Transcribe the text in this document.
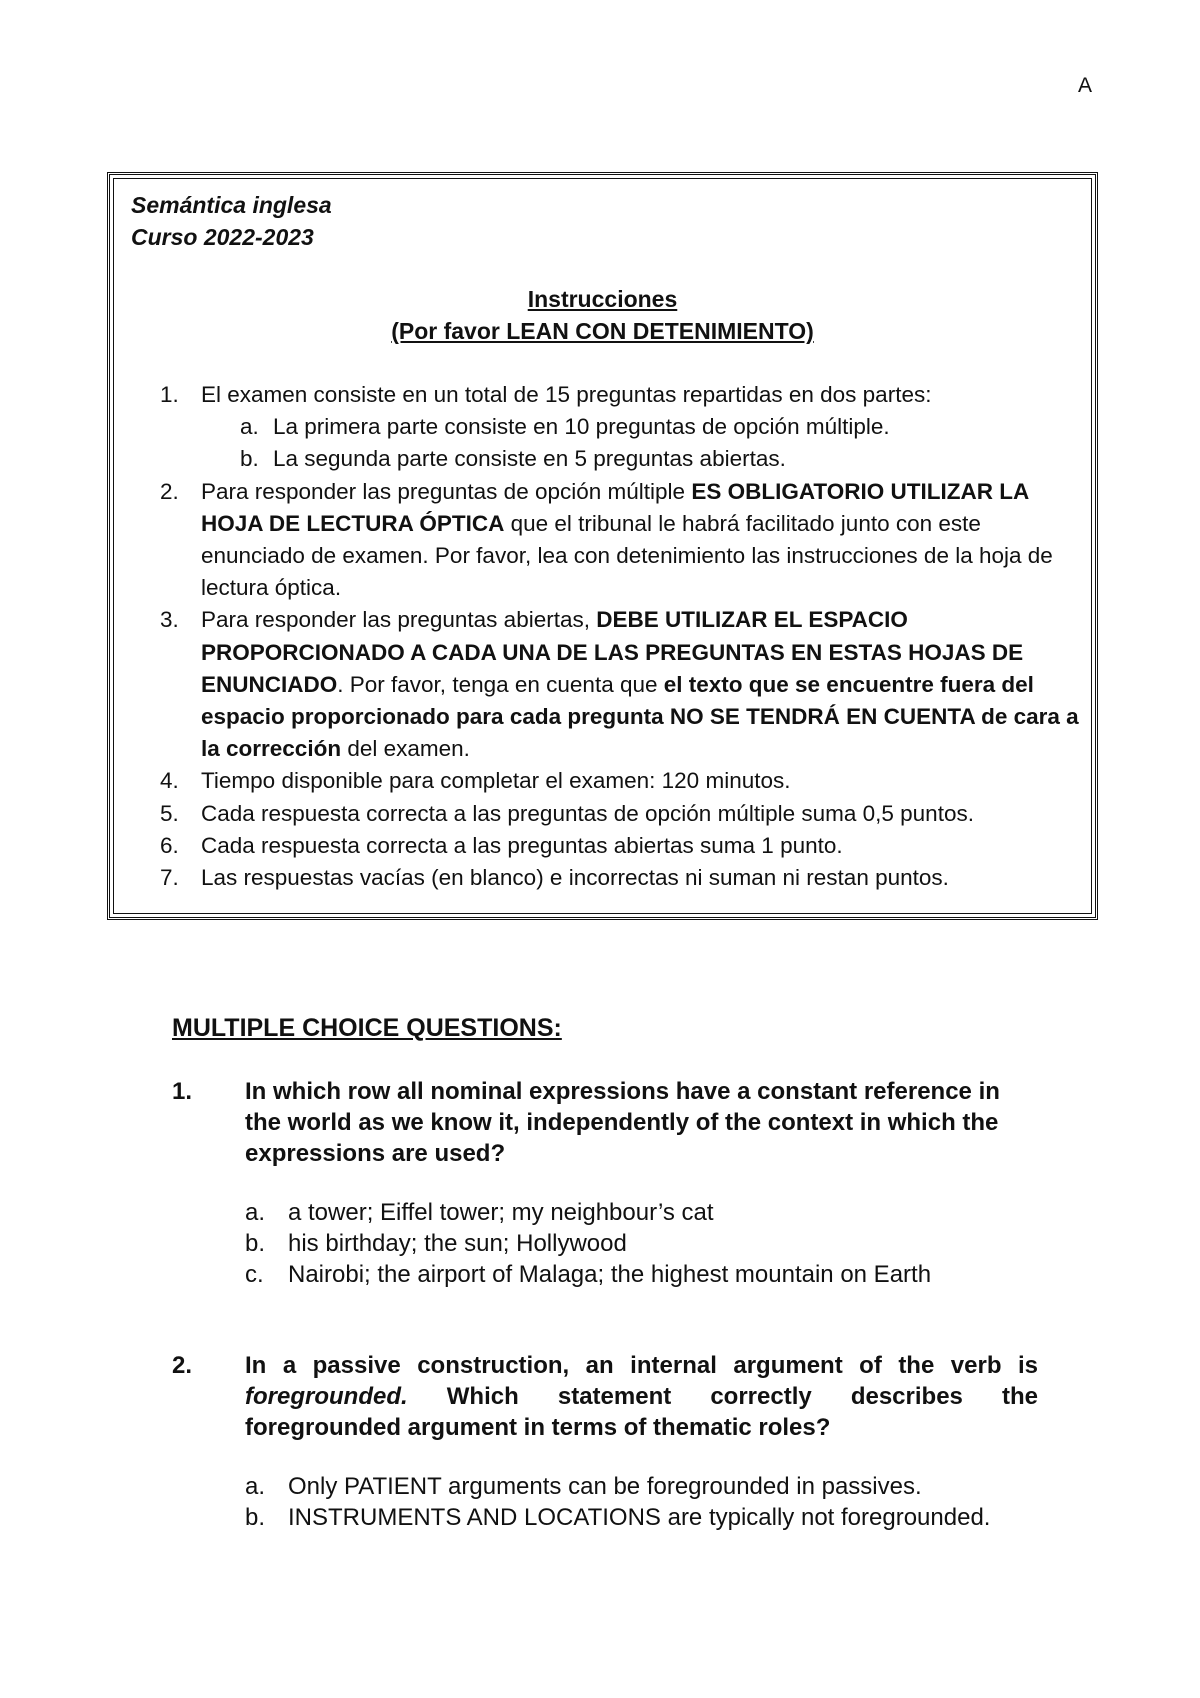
A
Semántica inglesa
Curso 2022-2023
Instrucciones
(Por favor LEAN CON DETENIMIENTO)
1. El examen consiste en un total de 15 preguntas repartidas en dos partes:
a. La primera parte consiste en 10 preguntas de opción múltiple.
b. La segunda parte consiste en 5 preguntas abiertas.
2. Para responder las preguntas de opción múltiple ES OBLIGATORIO UTILIZAR LA HOJA DE LECTURA ÓPTICA que el tribunal le habrá facilitado junto con este enunciado de examen. Por favor, lea con detenimiento las instrucciones de la hoja de lectura óptica.
3. Para responder las preguntas abiertas, DEBE UTILIZAR EL ESPACIO PROPORCIONADO A CADA UNA DE LAS PREGUNTAS EN ESTAS HOJAS DE ENUNCIADO. Por favor, tenga en cuenta que el texto que se encuentre fuera del espacio proporcionado para cada pregunta NO SE TENDRÁ EN CUENTA de cara a la corrección del examen.
4. Tiempo disponible para completar el examen: 120 minutos.
5. Cada respuesta correcta a las preguntas de opción múltiple suma 0,5 puntos.
6. Cada respuesta correcta a las preguntas abiertas suma 1 punto.
7. Las respuestas vacías (en blanco) e incorrectas ni suman ni restan puntos.
MULTIPLE CHOICE QUESTIONS:
1. In which row all nominal expressions have a constant reference in the world as we know it, independently of the context in which the expressions are used?
a. a tower; Eiffel tower; my neighbour’s cat
b. his birthday; the sun; Hollywood
c. Nairobi; the airport of Malaga; the highest mountain on Earth
2. In a passive construction, an internal argument of the verb is foregrounded. Which statement correctly describes the foregrounded argument in terms of thematic roles?
a. Only PATIENT arguments can be foregrounded in passives.
b. INSTRUMENTS AND LOCATIONS are typically not foregrounded.
